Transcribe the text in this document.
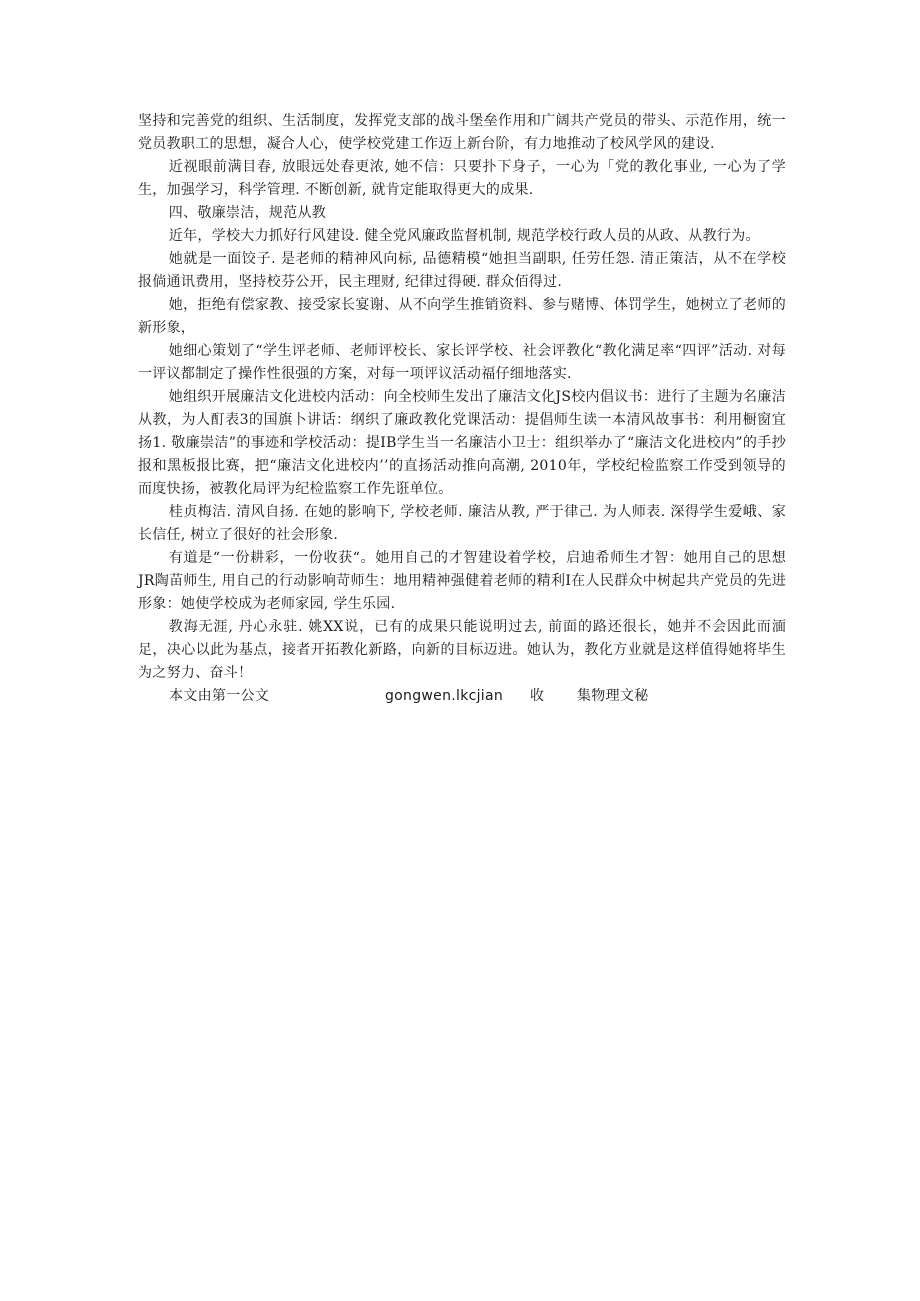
坚持和完善党的组织、生活制度，发挥党支部的战斗堡垒作用和广阔共产党员的带头、示范作用，统一党员教职工的思想，凝合人心，使学校党建工作迈上新台阶，有力地推动了校风学风的建设.

近视眼前满目春, 放眼远处春更浓, 她不信：只要扑下身子，一心为「党的教化事业, 一心为了学生，加强学习，科学管理. 不断创新, 就肯定能取得更大的成果.

四、敬廉崇洁，规范从教

近年，学校大力抓好行风建设. 健全党风廉政监督机制, 规范学校行政人员的从政、从教行为。

她就是一面饺子. 是老师的精神风向标, 品德精模“她担当副职, 任劳任怨. 清正策洁，从不在学校报倘通讯费用，坚持校芬公开，民主理财, 纪律过得硬. 群众佰得过.

她，拒绝有偿家教、接受家长宴谢、从不向学生推销资料、参与赌博、体罚学生，她树立了老师的新形象，

她细心策划了“学生评老师、老师评校长、家长评学校、社会评教化“教化满足率“四评”活动. 对每一评议都制定了操作性很强的方案，对每一项评议活动福仔细地落实.

她组织开展廉洁文化进校内活动：向全校师生发出了廉洁文化JS校内倡议书：进行了主题为名廉洁从教，为人酊表3的国旗卜讲话：纲织了廉政教化党课活动：提倡师生读一本清风故事书：利用橱窗宜扬1. 敬廉崇洁”的事迹和学校活动：提IB学生当一名廉洁小卫士：组织举办了“廉洁文化进校内”的手抄报和黑板报比赛，把“廉洁文化进校内’’的直扬活动推向高潮, 2010年，学校纪检监察工作受到领导的而度快扬，被教化局评为纪检监察工作先诳单位。

桂贞梅洁. 清风自扬. 在她的影响下, 学校老师. 廉洁从教, 严于律己. 为人师表. 深得学生爱峨、家长信任, 树立了很好的社会形象.

有道是“一份耕彩，一份收获“。她用自己的才智建设着学校，启迪希师生才智：她用自己的思想JR陶苗师生, 用自己的行动影响苛师生：地用精神强健着老师的精利I在人民群众中树起共产党员的先进形象：她使学校成为老师家园, 学生乐园.

教海无涯, 丹心永驻. 姚XX说，已有的成果只能说明过去, 前面的路还很长，她并不会因此而湎足，决心以此为基点，接者开拓教化新路，向新的目标迈进。她认为，教化方业就是这样值得她将毕生为之努力、奋斗！

本文由第一公文	gongwen.lkcjian 收 集物理文秘
